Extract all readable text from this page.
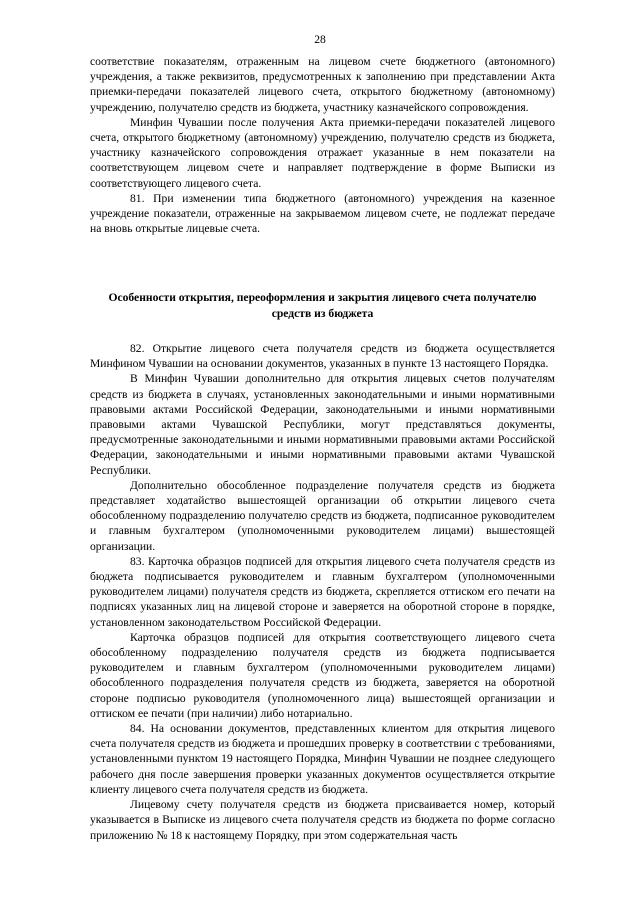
28

соответствие показателям, отраженным на лицевом счете бюджетного (автономного) учреждения, а также реквизитов, предусмотренных к заполнению при представлении Акта приемки-передачи показателей лицевого счета, открытого бюджетному (автономному) учреждению, получателю средств из бюджета, участнику казначейского сопровождения.

Минфин Чувашии после получения Акта приемки-передачи показателей лицевого счета, открытого бюджетному (автономному) учреждению, получателю средств из бюджета, участнику казначейского сопровождения отражает указанные в нем показатели на соответствующем лицевом счете и направляет подтверждение в форме Выписки из соответствующего лицевого счета.

81. При изменении типа бюджетного (автономного) учреждения на казенное учреждение показатели, отраженные на закрываемом лицевом счете, не подлежат передаче на вновь открытые лицевые счета.

Особенности открытия, переоформления и закрытия лицевого счета получателю средств из бюджета

82. Открытие лицевого счета получателя средств из бюджета осуществляется Минфином Чувашии на основании документов, указанных в пункте 13 настоящего Порядка.

В Минфин Чувашии дополнительно для открытия лицевых счетов получателям средств из бюджета в случаях, установленных законодательными и иными нормативными правовыми актами Российской Федерации, законодательными и иными нормативными правовыми актами Чувашской Республики, могут представляться документы, предусмотренные законодательными и иными нормативными правовыми актами Российской Федерации, законодательными и иными нормативными правовыми актами Чувашской Республики.

Дополнительно обособленное подразделение получателя средств из бюджета представляет ходатайство вышестоящей организации об открытии лицевого счета обособленному подразделению получателю средств из бюджета, подписанное руководителем и главным бухгалтером (уполномоченными руководителем лицами) вышестоящей организации.

83. Карточка образцов подписей для открытия лицевого счета получателя средств из бюджета подписывается руководителем и главным бухгалтером (уполномоченными руководителем лицами) получателя средств из бюджета, скрепляется оттиском его печати на подписях указанных лиц на лицевой стороне и заверяется на оборотной стороне в порядке, установленном законодательством Российской Федерации.

Карточка образцов подписей для открытия соответствующего лицевого счета обособленному подразделению получателя средств из бюджета подписывается руководителем и главным бухгалтером (уполномоченными руководителем лицами) обособленного подразделения получателя средств из бюджета, заверяется на оборотной стороне подписью руководителя (уполномоченного лица) вышестоящей организации и оттиском ее печати (при наличии) либо нотариально.

84. На основании документов, представленных клиентом для открытия лицевого счета получателя средств из бюджета и прошедших проверку в соответствии с требованиями, установленными пунктом 19 настоящего Порядка, Минфин Чувашии не позднее следующего рабочего дня после завершения проверки указанных документов осуществляется открытие клиенту лицевого счета получателя средств из бюджета.

Лицевому счету получателя средств из бюджета присваивается номер, который указывается в Выписке из лицевого счета получателя средств из бюджета по форме согласно приложению № 18 к настоящему Порядку, при этом содержательная часть
